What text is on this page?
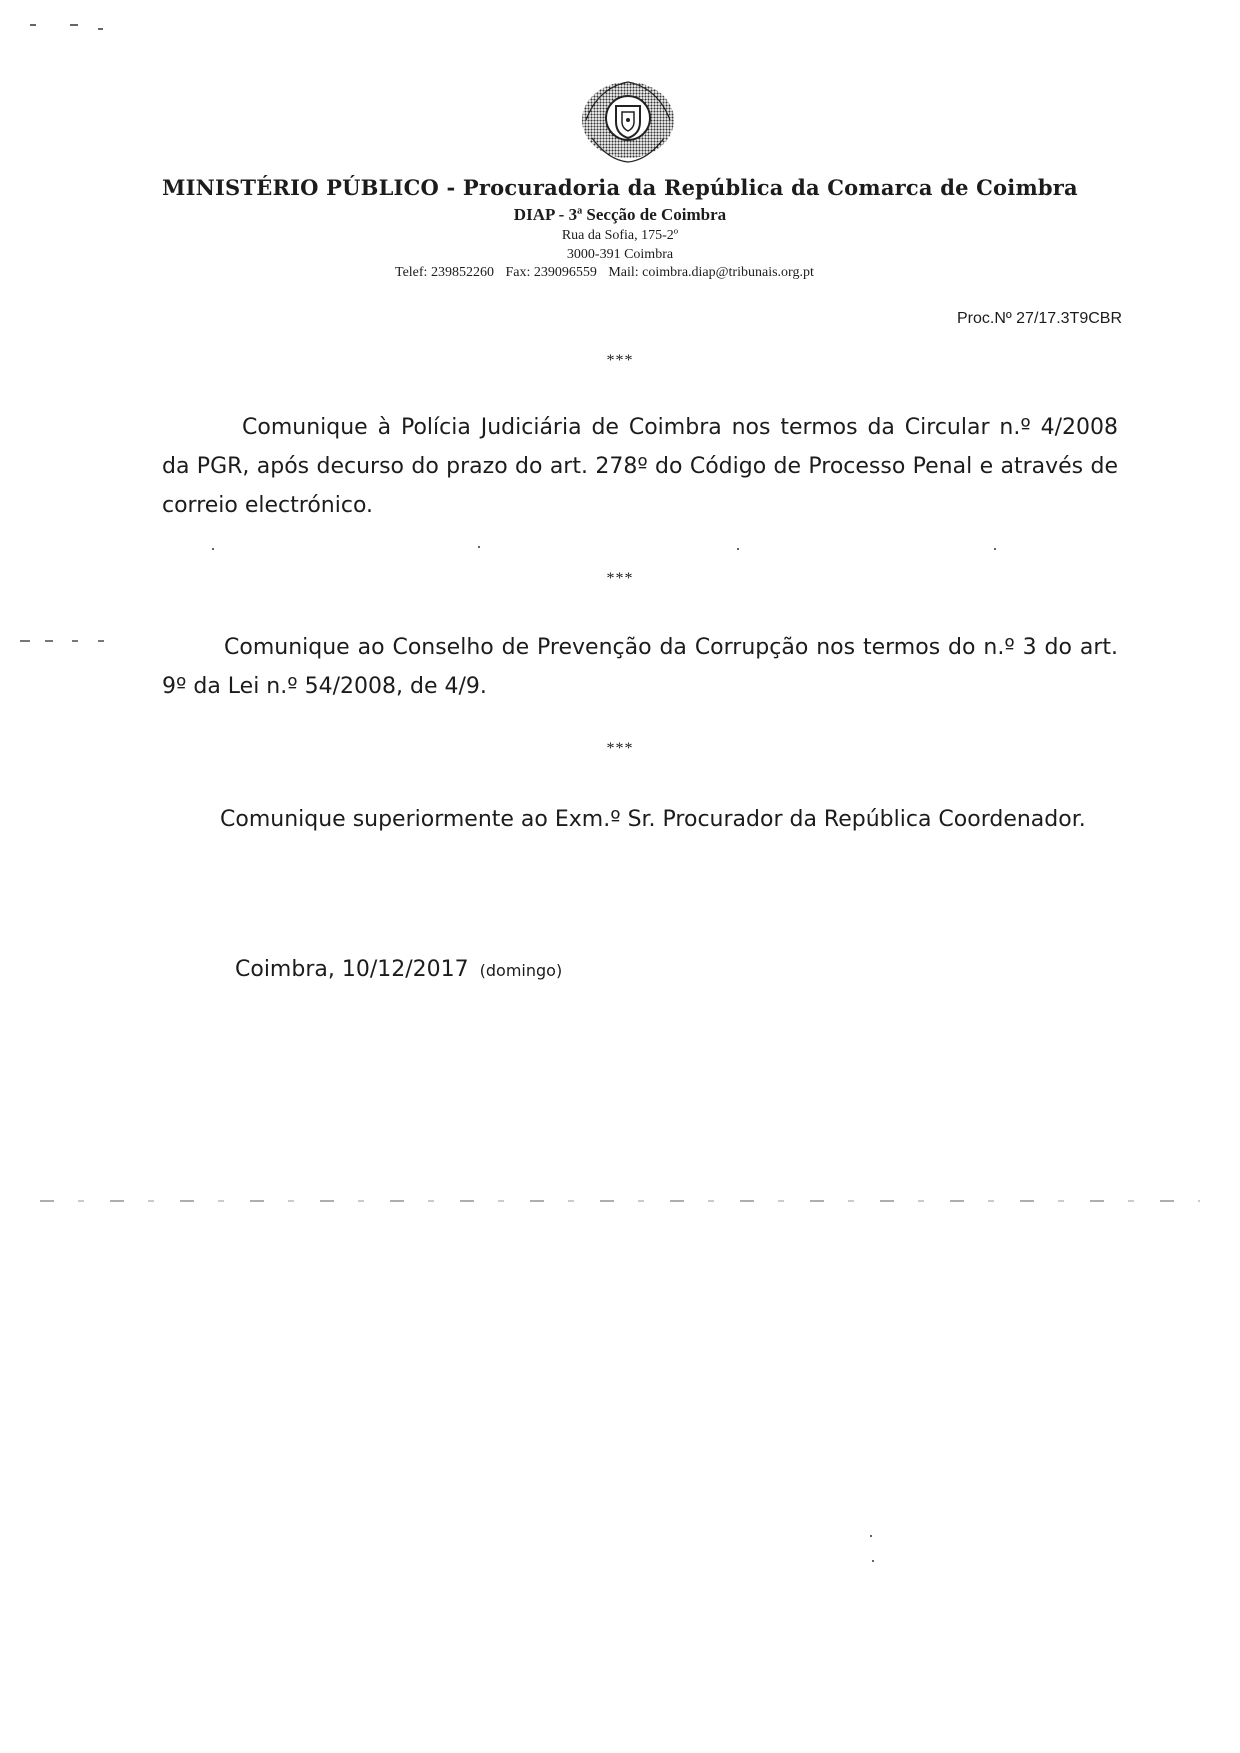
MINISTÉRIO PÚBLICO - Procuradoria da República da Comarca de Coimbra
DIAP - 3ª Secção de Coimbra
Rua da Sofia, 175-2º
3000-391 Coimbra
Telef: 239852260 Fax: 239096559 Mail: coimbra.diap@tribunais.org.pt
Proc.Nº 27/17.3T9CBR
***
Comunique à Polícia Judiciária de Coimbra nos termos da Circular n.º 4/2008 da PGR, após decurso do prazo do art. 278º do Código de Processo Penal e através de correio electrónico.
***
Comunique ao Conselho de Prevenção da Corrupção nos termos do n.º 3 do art. 9º da Lei n.º 54/2008, de 4/9.
***
Comunique superiormente ao Exm.º Sr. Procurador da República Coordenador.
Coimbra, 10/12/2017 (domingo)
